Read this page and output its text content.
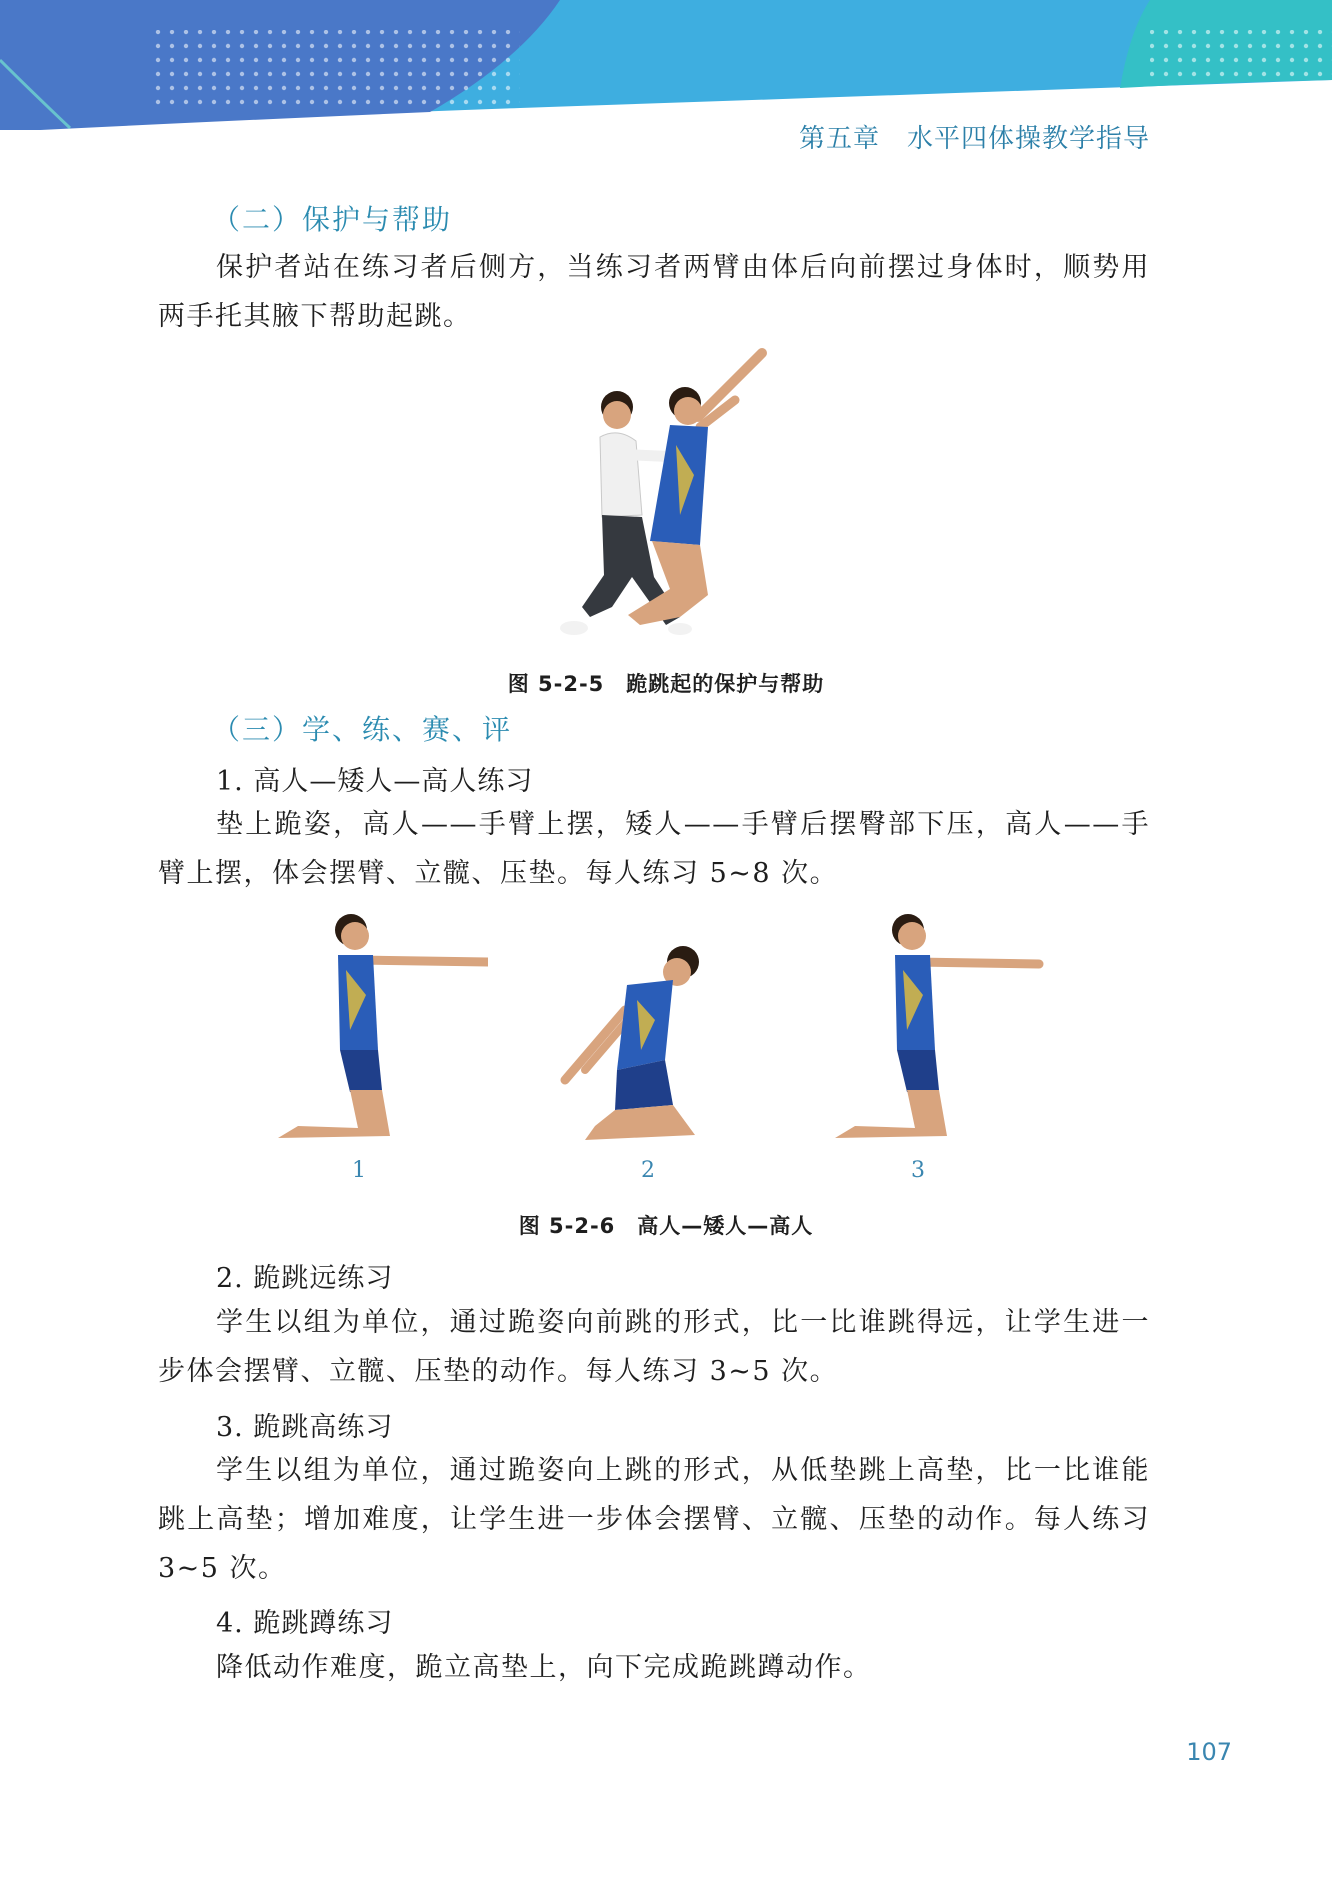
第五章　水平四体操教学指导
（二）保护与帮助

保护者站在练习者后侧方，当练习者两臂由体后向前摆过身体时，顺势用两手托其腋下帮助起跳。

图 5-2-5 跪跳起的保护与帮助
（三）学、练、赛、评
1. 高人—矮人—高人练习

垫上跪姿，高人——手臂上摆，矮人——手臂后摆臀部下压，高人——手臂上摆，体会摆臂、立髋、压垫。每人练习 5~8 次。

1	2	3
图 5-2-6 高人—矮人—高人
2. 跪跳远练习

学生以组为单位，通过跪姿向前跳的形式，比一比谁跳得远，让学生进一步体会摆臂、立髋、压垫的动作。每人练习 3~5 次。

3. 跪跳高练习

学生以组为单位，通过跪姿向上跳的形式，从低垫跳上高垫，比一比谁能跳上高垫；增加难度，让学生进一步体会摆臂、立髋、压垫的动作。每人练习 3~5 次。

4. 跪跳蹲练习

降低动作难度，跪立高垫上，向下完成跪跳蹲动作。

107
